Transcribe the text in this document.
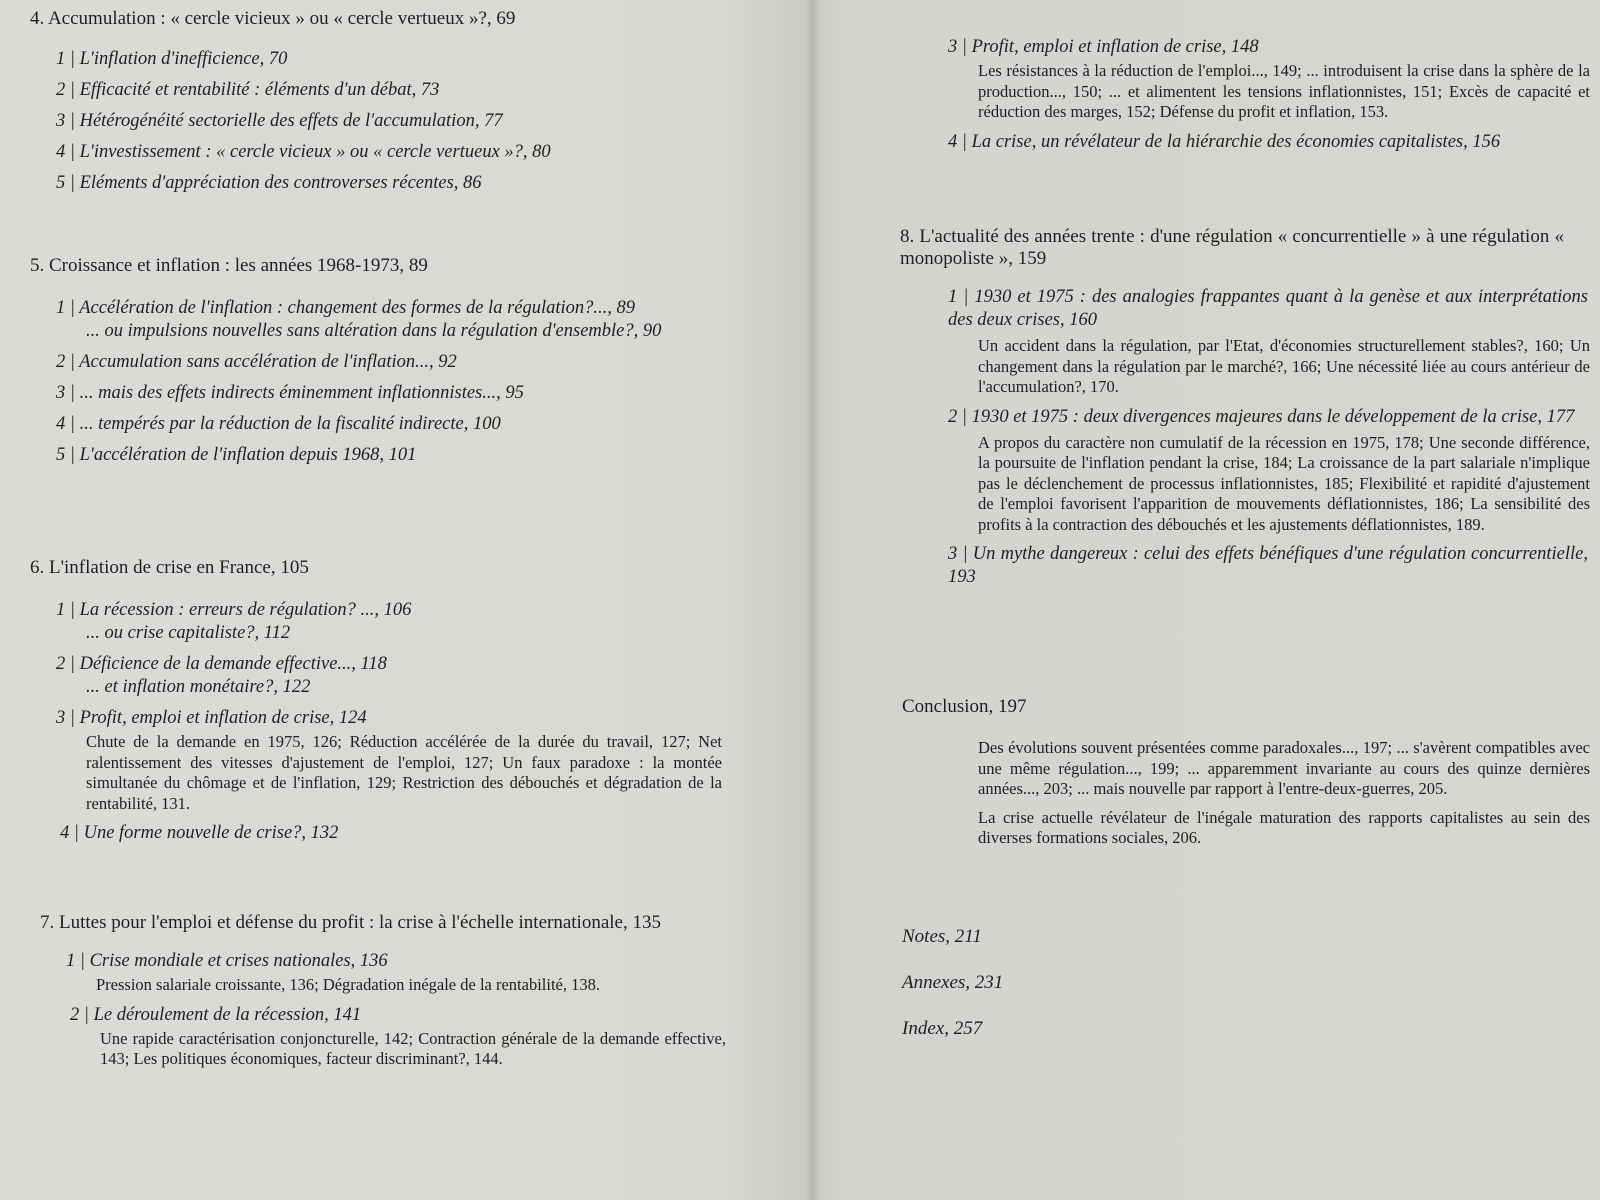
4. Accumulation : « cercle vicieux » ou « cercle vertueux »?, 69
1 | L'inflation d'inefficience, 70
2 | Efficacité et rentabilité : éléments d'un débat, 73
3 | Hétérogénéité sectorielle des effets de l'accumulation, 77
4 | L'investissement : « cercle vicieux » ou « cercle vertueux »?, 80
5 | Eléments d'appréciation des controverses récentes, 86
5. Croissance et inflation : les années 1968-1973, 89
1 | Accélération de l'inflation : changement des formes de la régulation?..., 89
... ou impulsions nouvelles sans altération dans la régulation d'ensemble?, 90
2 | Accumulation sans accélération de l'inflation..., 92
3 | ... mais des effets indirects éminemment inflationnistes..., 95
4 | ... tempérés par la réduction de la fiscalité indirecte, 100
5 | L'accélération de l'inflation depuis 1968, 101
6. L'inflation de crise en France, 105
1 | La récession : erreurs de régulation? ..., 106
... ou crise capitaliste?, 112
2 | Déficience de la demande effective..., 118
... et inflation monétaire?, 122
3 | Profit, emploi et inflation de crise, 124
Chute de la demande en 1975, 126; Réduction accélérée de la durée du travail, 127; Net ralentissement des vitesses d'ajustement de l'emploi, 127; Un faux paradoxe : la montée simultanée du chômage et de l'inflation, 129; Restriction des débouchés et dégradation de la rentabilité, 131.
4 | Une forme nouvelle de crise?, 132
7. Luttes pour l'emploi et défense du profit : la crise à l'échelle internationale, 135
1 | Crise mondiale et crises nationales, 136
Pression salariale croissante, 136; Dégradation inégale de la rentabilité, 138.
2 | Le déroulement de la récession, 141
Une rapide caractérisation conjoncturelle, 142; Contraction générale de la demande effective, 143; Les politiques économiques, facteur discriminant?, 144.
3 | Profit, emploi et inflation de crise, 148
Les résistances à la réduction de l'emploi..., 149; ... introduisent la crise dans la sphère de la production..., 150; ... et alimentent les tensions inflationnistes, 151; Excès de capacité et réduction des marges, 152; Défense du profit et inflation, 153.
4 | La crise, un révélateur de la hiérarchie des économies capitalistes, 156
8. L'actualité des années trente : d'une régulation « concurrentielle » à une régulation « monopoliste », 159
1 | 1930 et 1975 : des analogies frappantes quant à la genèse et aux interprétations des deux crises, 160
Un accident dans la régulation, par l'Etat, d'économies structurellement stables?, 160; Un changement dans la régulation par le marché?, 166; Une nécessité liée au cours antérieur de l'accumulation?, 170.
2 | 1930 et 1975 : deux divergences majeures dans le développement de la crise, 177
A propos du caractère non cumulatif de la récession en 1975, 178; Une seconde différence, la poursuite de l'inflation pendant la crise, 184; La croissance de la part salariale n'implique pas le déclenchement de processus inflationnistes, 185; Flexibilité et rapidité d'ajustement de l'emploi favorisent l'apparition de mouvements déflationnistes, 186; La sensibilité des profits à la contraction des débouchés et les ajustements déflationnistes, 189.
3 | Un mythe dangereux : celui des effets bénéfiques d'une régulation concurrentielle, 193
Conclusion, 197
Des évolutions souvent présentées comme paradoxales..., 197; ... s'avèrent compatibles avec une même régulation..., 199; ... apparemment invariante au cours des quinze dernières années..., 203; ... mais nouvelle par rapport à l'entre-deux-guerres, 205.
La crise actuelle révélateur de l'inégale maturation des rapports capitalistes au sein des diverses formations sociales, 206.
Notes, 211
Annexes, 231
Index, 257
